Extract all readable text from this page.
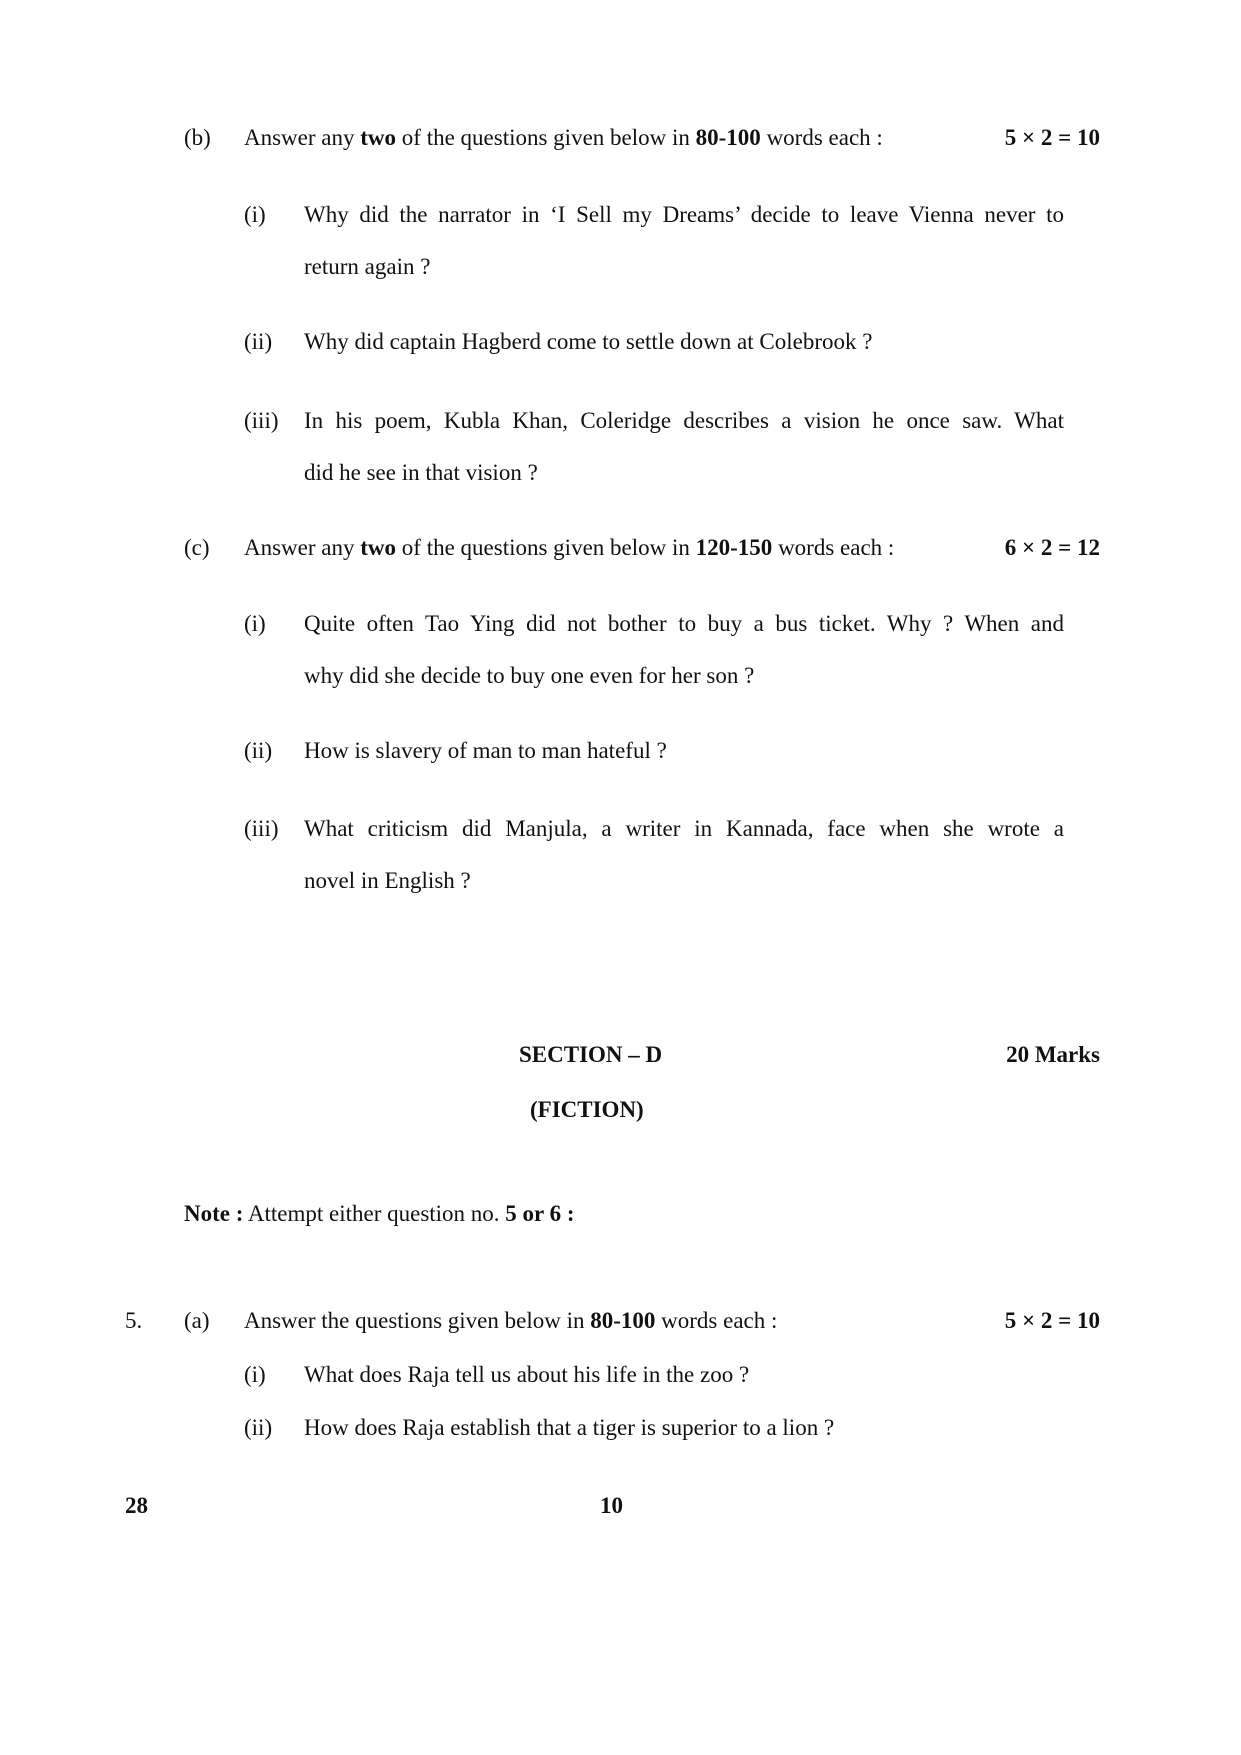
(b) Answer any two of the questions given below in 80-100 words each :	5 × 2 = 10
(i) Why did the narrator in ‘I Sell my Dreams’ decide to leave Vienna never to
return again ?
(ii) Why did captain Hagberd come to settle down at Colebrook ?
(iii) In his poem, Kubla Khan, Coleridge describes a vision he once saw. What
did he see in that vision ?
(c) Answer any two of the questions given below in 120-150 words each :	6 × 2 = 12
(i) Quite often Tao Ying did not bother to buy a bus ticket. Why ? When and
why did she decide to buy one even for her son ?
(ii) How is slavery of man to man hateful ?
(iii) What criticism did Manjula, a writer in Kannada, face when she wrote a
novel in English ?
SECTION – D	20 Marks
(FICTION)
Note : Attempt either question no. 5 or 6 :
5. (a) Answer the questions given below in 80-100 words each :	5 × 2 = 10
(i) What does Raja tell us about his life in the zoo ?
(ii) How does Raja establish that a tiger is superior to a lion ?
28	10
